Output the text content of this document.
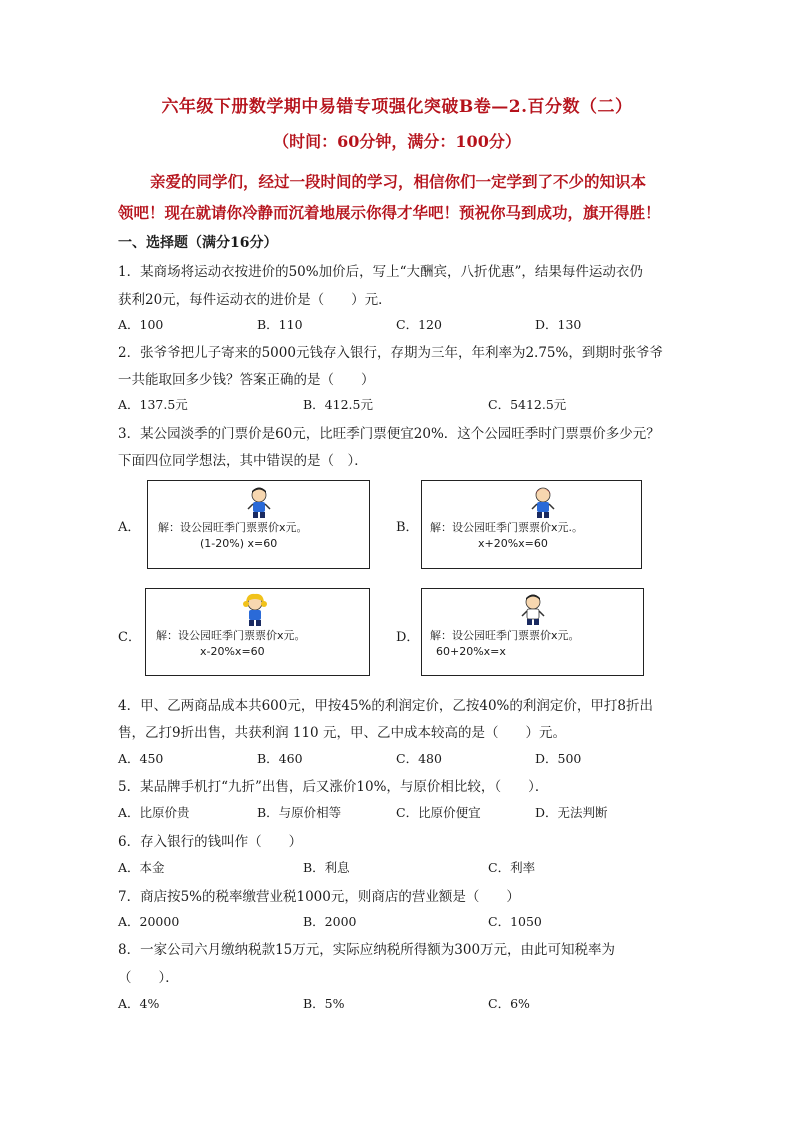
六年级下册数学期中易错专项强化突破B卷—2.百分数（二）
（时间：60分钟，满分：100分）
亲爱的同学们，经过一段时间的学习，相信你们一定学到了不少的知识本
领吧！现在就请你冷静而沉着地展示你得才华吧！预祝你马到成功，旗开得胜！
一、选择题（满分16分）
1．某商场将运动衣按进价的50%加价后，写上“大酬宾，八折优惠”，结果每件运动衣仍
获利20元，每件运动衣的进价是（　　）元．
A．100	B．110	C．120	D．130
2．张爷爷把儿子寄来的5000元钱存入银行，存期为三年，年利率为2.75%，到期时张爷爷
一共能取回多少钱？答案正确的是（　　）
A．137.5元	B．412.5元	C．5412.5元
3．某公园淡季的门票价是60元，比旺季门票便宜20%．这个公园旺季时门票票价多少元？
下面四位同学想法，其中错误的是（　）．
A． 解：设公园旺季门票票价x元。
(1-20%) x=60
B． 解：设公园旺季门票票价x元.。
x+20%x=60
C． 解：设公园旺季门票票价x元。
x-20%x=60
D． 解：设公园旺季门票票价x元。
60+20%x=x
4．甲、乙两商品成本共600元，甲按45%的利润定价，乙按40%的利润定价，甲打8折出
售，乙打9折出售，共获利润 110 元，甲、乙中成本较高的是（　　）元。
A．450	B．460	C．480	D．500
5．某品牌手机打“九折”出售，后又涨价10%，与原价相比较，（　　）．
A．比原价贵	B．与原价相等	C．比原价便宜	D．无法判断
6．存入银行的钱叫作（　　）
A．本金	B．利息	C．利率
7．商店按5%的税率缴营业税1000元，则商店的营业额是（　　）
A．20000	B．2000	C．1050
8．一家公司六月缴纳税款15万元，实际应纳税所得额为300万元，由此可知税率为
（　　）．
A．4%	B．5%	C．6%
